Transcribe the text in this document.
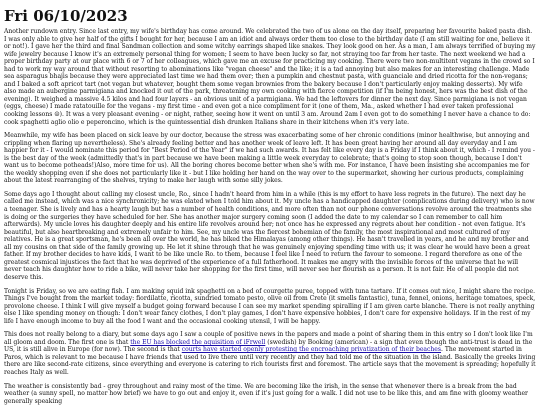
Fri 06/10/2023

Another rundown entry. Since last entry, my wife's birthday has come around. We celebrated the two of us alone on the day itself, preparing her favourite baked pasta dish. I was only able to give her half of the gifts I bought for her, because I am an idiot and always order them too close to the birthday date (I am still waiting for one, believe it or not!). I gave her the third and final Sandman collection and some witchy earrings shaped like snakes. They look good on her. As a man, I am always terrified of buying my wife jewelry because I know it's an extremely personal thing for women; I seem to have been lucky so far, not straying too far from her taste. The next weekend we had a proper birthday party at our place with 6 or 7 of her colleagues, which gave me an excuse for practicing my cooking. There were two non-multitent vegans in the crowd so I had to work my way around that without resorting to abominations like "vegan cheese" and the like; it is a tad annoying but also makes for an interesting challenge. Made sea asparagus bhajis because they were appreciated last time we had them over; then a pumpkin and chestnut pasta, with guanciale and dried ricotta for the non-vegans; and I baked a soft apricot tart (not vegan but whatever, bought them some vegan brownies from the bakery because I don't particularly enjoy making desserts). My wife also made an aubergine parmigiana and knocked it out of the park, threatening my own cooking with fierce competition (if I'm being honest, hers was the best dish of the evening). It weighed a massive 4.5 kilos and had four layers - an obvious unit of a parmigiana. We had the leftovers for dinner the next day. Since parmigiana is not vegan (eggs, cheese) I made ratatouille for the vegans - my first time - and even got a nice compliment for it (one of them, Ma., asked whether I had ever taken professional cooking lessons ☺). It was a very pleasant evening - or night, rather, seeing how it went on until 3 am. Around 2am I even got to do something I never have a chance to do: cook spaghetti aglio olio e peperoncino, which is the quintessential dish drunken Italians share in their kitchens when it's very late.

Meanwhile, my wife has been placed on sick leave by our doctor, because the stress was exacerbating some of her chronic conditions (minor healthwise, but annoying and crippling when flaring up nevertheless). She's already feeling better and has another week of leave left. It has been great having her around all day everyday and I am happier for it - I would nominate this period for "Best Period of the Year" if we had such awards. It has felt like every day is a Friday if I think about it, which - I remind you - is the best day of the week (admittedly that's in part because we have been making a little week everyday to celebrate; that's going to stop soon though, because I don't want us to become potheads!)Also, more time for us). All the boring chores become better when she's with me. For instance, I have been insisting she accompanies me for the weekly shopping even if she does not particularly like it - but I like holding her hand on the way over to the supermarket, showing her curious products, complaining about the latest rearranging of the shelves, trying to make her laugh with some silly jokes.

Some days ago I thought about calling my closest uncle, Ro., since I hadn't heard from him in a while (this is my effort to have less regrets in the future). The next day he called me instead, which was a nice synchronicity; he was elated when I told him about it. My uncle has a handicapped daughter (complications during delivery) who is now a teenager. She is lively and has a hearty laugh but has a number of health conditions, and more often than not our phone conversations revolve around the treatments she is doing or the surgeries they have scheduled for her. She has another major surgery coming soon (I added the date to my calendar so I can remember to call him afterwards). My uncle loves his daughter deeply and his entire life revolves around her; not once has he expressed any regrets about her condition - not even fatigue. It's beautiful, but also heartbreaking and extremely unfair to him. See, my uncle was the fiercest bohemian of the family, the most inspirational and most cultured of my relatives. He is a great sportsman, he's been all over the world, he has biked the Himalayas (among other things). He hasn't travelled in years, and he and my brother and all my cousins on that side of the family growing up. He let it shine through that he was genuinely enjoying spending time with us; it was clear he would have been a great father. If my brother decides to have kids, I want to be like uncle Ro. to them, because I feel like I need to return the favour to someone. I regard therefore as one of the greatest cosmical injustices the fact that he was deprived of the experience of a full fatherhood. It makes me angry with the invisible forces of the universe that he will never teach his daughter how to ride a bike, will never take her shopping for the first time, will never see her flourish as a person. It is not fair. He of all people did not deserve this.

Tonight is Friday, so we are eating fish. I am making squid ink spaghetti on a bed of courgette puree, topped with tuna tartare. If it comes out nice, I might share the recipe. Things I've bought from the market today: fiordilatte, ricotta, sundried tomato pesto, olive oil from Crete (it smells fantastic), tuna, fennel, onions, heritage tomatoes, speck, provolone cheese. I think I will give myself a budget going forward because I can see my market spending spiralling if I am given carte blanche. There is not really anything else I like spending money on though: I don't wear fancy clothes, I don't play games, I don't have expensive hobbies, I don't care for expensive holidays. If in the rest of my life I have enough income to buy all the food I want and the occasional cooking utensil, I will be happy.

This does not really belong to a diary, but some days ago I saw a couple of positive news in the papers and made a point of sharing them in this entry so I don't look like I'm all gloom and doom. The first one is that the EU has blocked the aquisition of iFrwell (swedish) by Booking (american) - a sign that even though the anti-trust is dead in the US, it is still alive in Europe (for now). The second is that courts have started openly protesting the encroaching privatization of their beaches. The movement started in Paros, which is relevant to me because I have friends that used to live there until very recently and they had told me of the situation in the island. Basically the greeks living there are like second-rate citizens, since everything and everyone is catering to rich tourists first and foremost. The article says that the movement is spreading; hopefully it reaches Italy as well.

The weather is consistently bad - grey throughout and rainy most of the time. We are becoming like the irish, in the sense that whenever there is a break from the bad weather (a sunny spell, no matter how brief) we have to go out and enjoy it, even if it's just going for a walk. I did not use to be like this, and am fine with gloomy weather generally speaking
